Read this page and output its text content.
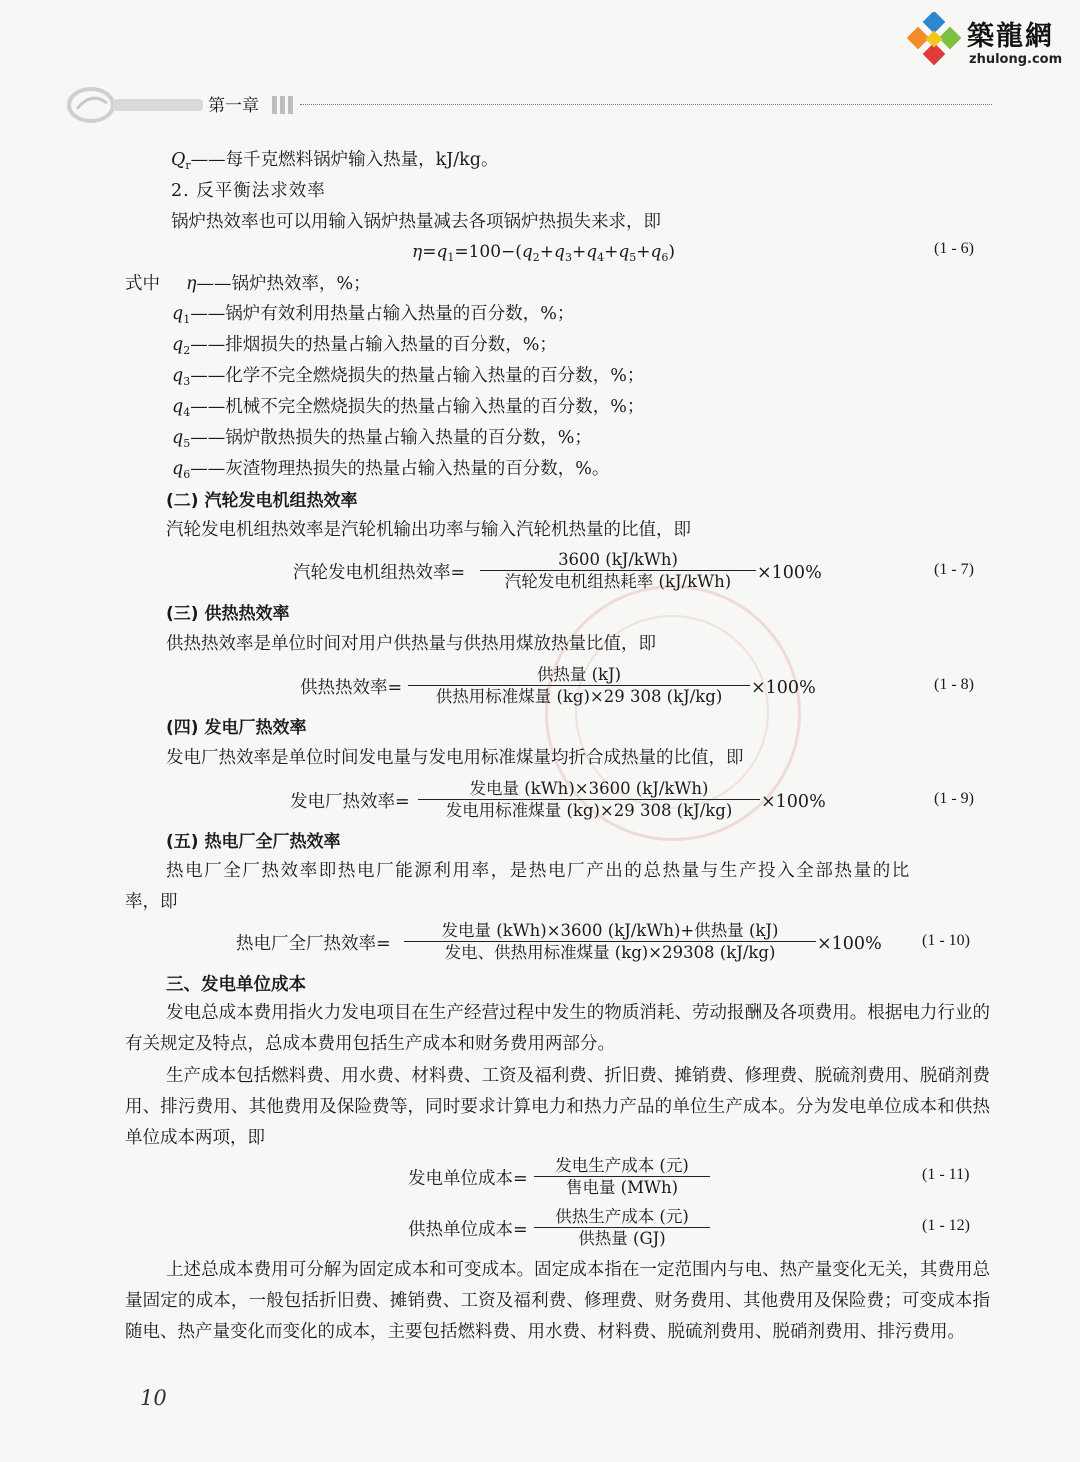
築龍網
zhulong.com
第一章
$Q_r——$每千克燃料锅炉输入热量，kJ/kg。
2. 反平衡法求效率
锅炉热效率也可以用输入锅炉热量减去各项锅炉热损失来求，即
$\eta=q_1=100-(q_2+q_3+q_4+q_5+q_6)$	(1 - 6)
式中 η——锅炉热效率，%；
$q_1——$锅炉有效利用热量占输入热量的百分数，%；
$q_2——$排烟损失的热量占输入热量的百分数，%；
$q_3——$化学不完全燃烧损失的热量占输入热量的百分数，%；
$q_4——$机械不完全燃烧损失的热量占输入热量的百分数，%；
$q_5——$锅炉散热损失的热量占输入热量的百分数，%；
$q_6——$灰渣物理热损失的热量占输入热量的百分数，%。
(二) 汽轮发电机组热效率
汽轮发电机组热效率是汽轮机输出功率与输入汽轮机热量的比值，即
汽轮发电机组热效率=
3600 (kJ/kWh)
汽轮发电机组热耗率 (kJ/kWh)	×100%	(1 - 7)
(三) 供热热效率
供热热效率是单位时间对用户供热量与供热用煤放热量比值，即
供热热效率=
供热量 (kJ)
供热用标准煤量 (kg)×29 308 (kJ/kg)	×100%	(1 - 8)
(四) 发电厂热效率
发电厂热效率是单位时间发电量与发电用标准煤量均折合成热量的比值，即
发电厂热效率=
发电量 (kWh)×3600 (kJ/kWh)
发电用标准煤量 (kg)×29 308 (kJ/kg)	×100%	(1 - 9)
(五) 热电厂全厂热效率
热电厂全厂热效率即热电厂能源利用率，是热电厂产出的总热量与生产投入全部热量的比
率，即
热电厂全厂热效率=
发电量 (kWh)×3600 (kJ/kWh)+供热量 (kJ)
发电、供热用标准煤量 (kg)×29308 (kJ/kg)	×100%	(1 - 10)
三、发电单位成本
发电总成本费用指火力发电项目在生产经营过程中发生的物质消耗、劳动报酬及各项费用。根据电力行业的有关规定及特点，总成本费用包括生产成本和财务费用两部分。
生产成本包括燃料费、用水费、材料费、工资及福利费、折旧费、摊销费、修理费、脱硫剂费用、脱硝剂费用、排污费用、其他费用及保险费等，同时要求计算电力和热力产品的单位生产成本。分为发电单位成本和供热单位成本两项，即
发电单位成本=
发电生产成本 (元)
售电量 (MWh)
(1 - 11)
供热单位成本=
供热生产成本 (元)
供热量 (GJ)
(1 - 12)
上述总成本费用可分解为固定成本和可变成本。固定成本指在一定范围内与电、热产量变化无关，其费用总量固定的成本，一般包括折旧费、摊销费、工资及福利费、修理费、财务费用、其他费用及保险费；可变成本指随电、热产量变化而变化的成本，主要包括燃料费、用水费、材料费、脱硫剂费用、脱硝剂费用、排污费用。
10
